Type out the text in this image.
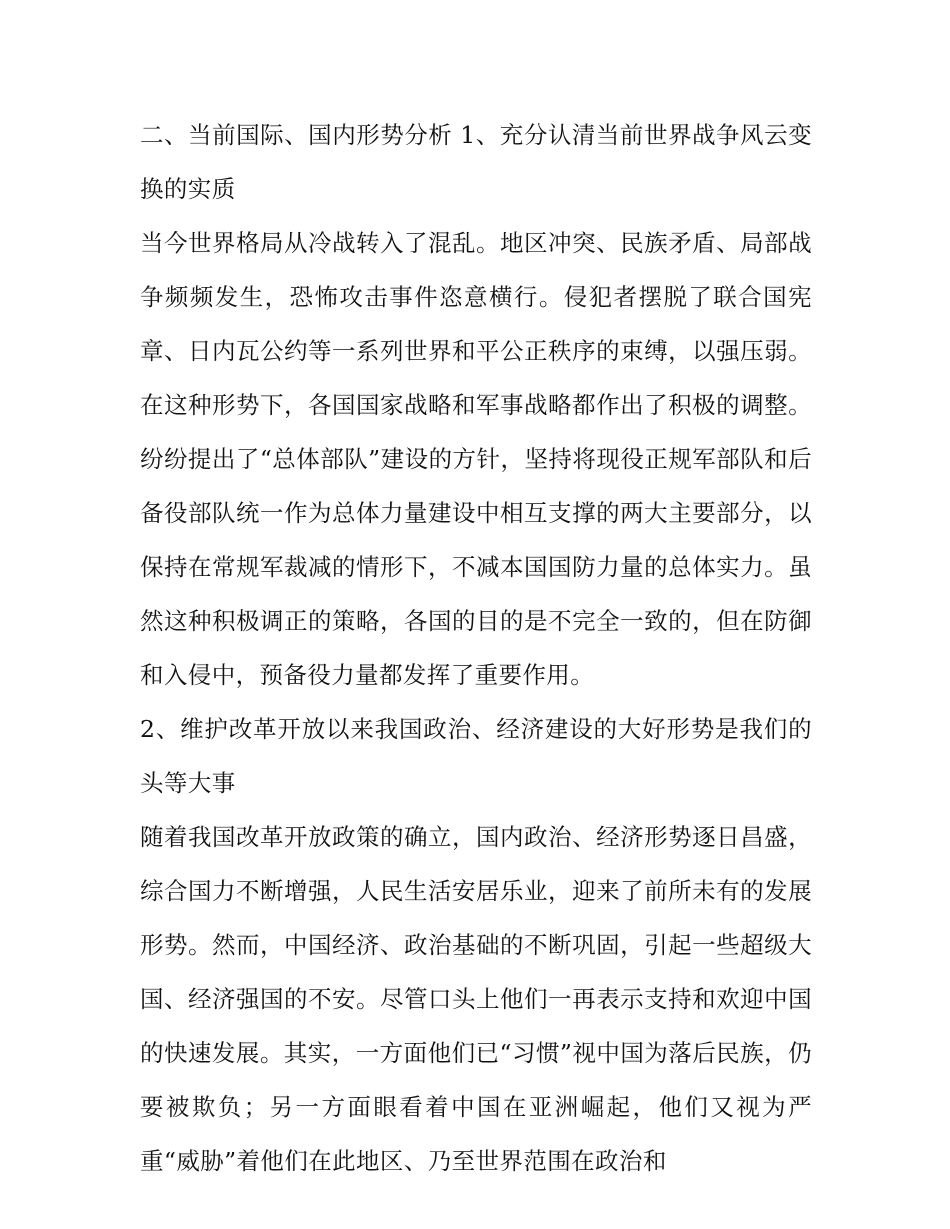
二、当前国际、国内形势分析 1、充分认清当前世界战争风云变换的实质

当今世界格局从冷战转入了混乱。地区冲突、民族矛盾、局部战争频频发生，恐怖攻击事件恣意横行。侵犯者摆脱了联合国宪章、日内瓦公约等一系列世界和平公正秩序的束缚，以强压弱。在这种形势下，各国国家战略和军事战略都作出了积极的调整。纷纷提出了“总体部队”建设的方针，坚持将现役正规军部队和后备役部队统一作为总体力量建设中相互支撑的两大主要部分，以保持在常规军裁减的情形下，不减本国国防力量的总体实力。虽然这种积极调正的策略，各国的目的是不完全一致的，但在防御和入侵中，预备役力量都发挥了重要作用。

2、维护改革开放以来我国政治、经济建设的大好形势是我们的头等大事

随着我国改革开放政策的确立，国内政治、经济形势逐日昌盛，综合国力不断增强，人民生活安居乐业，迎来了前所未有的发展形势。然而，中国经济、政治基础的不断巩固，引起一些超级大国、经济强国的不安。尽管口头上他们一再表示支持和欢迎中国的快速发展。其实，一方面他们已“习惯”视中国为落后民族，仍要被欺负；另一方面眼看着中国在亚洲崛起，他们又视为严重“威胁”着他们在此地区、乃至世界范围在政治和
